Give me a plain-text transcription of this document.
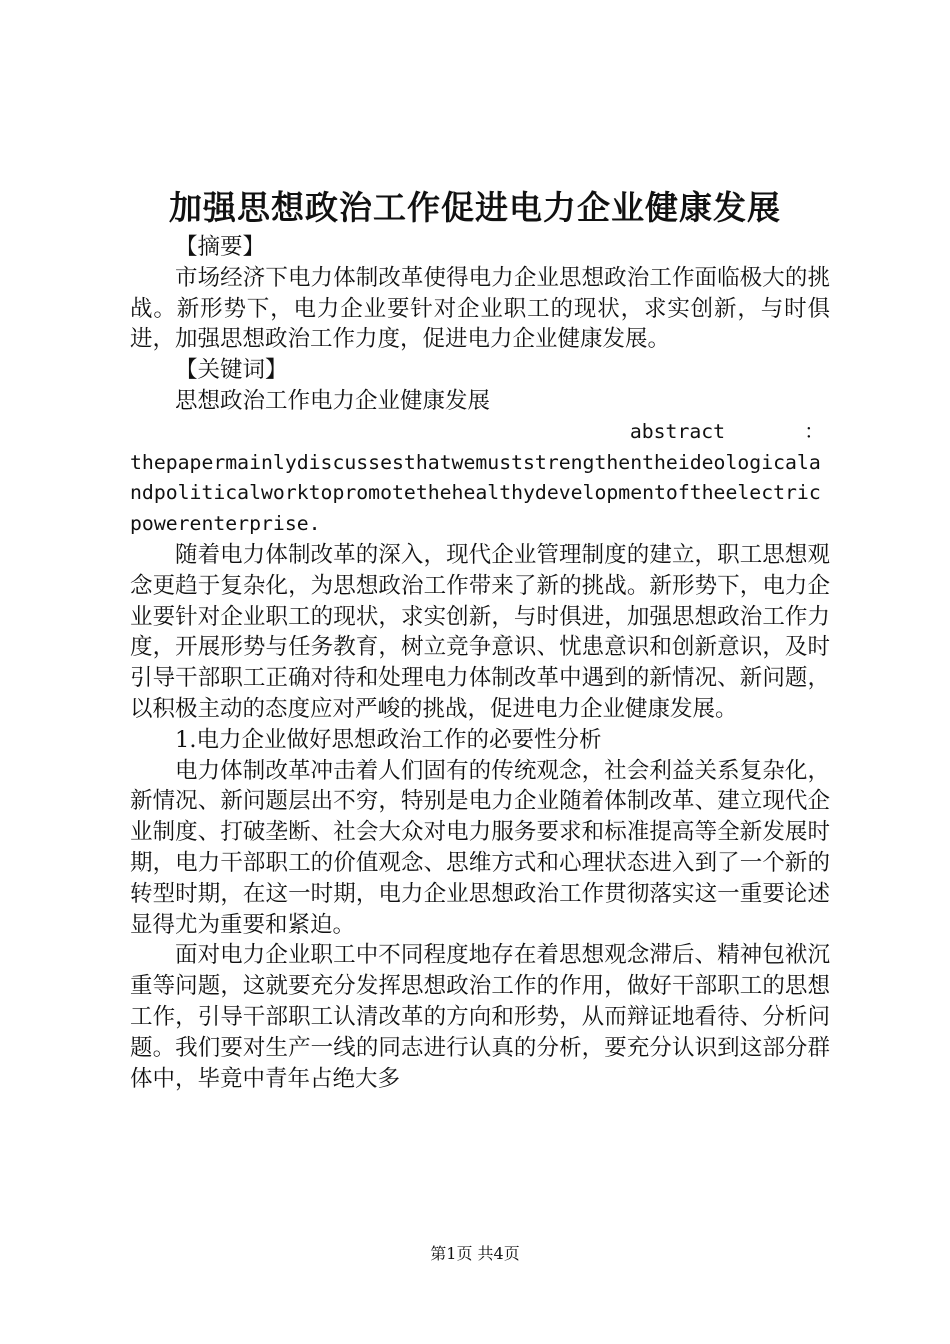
加强思想政治工作促进电力企业健康发展

【摘要】

市场经济下电力体制改革使得电力企业思想政治工作面临极大的挑战。新形势下，电力企业要针对企业职工的现状，求实创新，与时俱进，加强思想政治工作力度，促进电力企业健康发展。

【关键词】

思想政治工作电力企业健康发展

abstract　　　　：
thepapermainlydiscussesthatwemuststrengthentheideologicalandpoliticalworktopromotethehealthydevelopmentoftheelectricpowerenterprise.

随着电力体制改革的深入，现代企业管理制度的建立，职工思想观念更趋于复杂化，为思想政治工作带来了新的挑战。新形势下，电力企业要针对企业职工的现状，求实创新，与时俱进，加强思想政治工作力度，开展形势与任务教育，树立竞争意识、忧患意识和创新意识，及时引导干部职工正确对待和处理电力体制改革中遇到的新情况、新问题，以积极主动的态度应对严峻的挑战，促进电力企业健康发展。

1.电力企业做好思想政治工作的必要性分析

电力体制改革冲击着人们固有的传统观念，社会利益关系复杂化，新情况、新问题层出不穷，特别是电力企业随着体制改革、建立现代企业制度、打破垄断、社会大众对电力服务要求和标准提高等全新发展时期，电力干部职工的价值观念、思维方式和心理状态进入到了一个新的转型时期，在这一时期，电力企业思想政治工作贯彻落实这一重要论述显得尤为重要和紧迫。

面对电力企业职工中不同程度地存在着思想观念滞后、精神包袱沉重等问题，这就要充分发挥思想政治工作的作用，做好干部职工的思想工作，引导干部职工认清改革的方向和形势，从而辩证地看待、分析问题。我们要对生产一线的同志进行认真的分析，要充分认识到这部分群体中，毕竟中青年占绝大多

第1页 共4页
